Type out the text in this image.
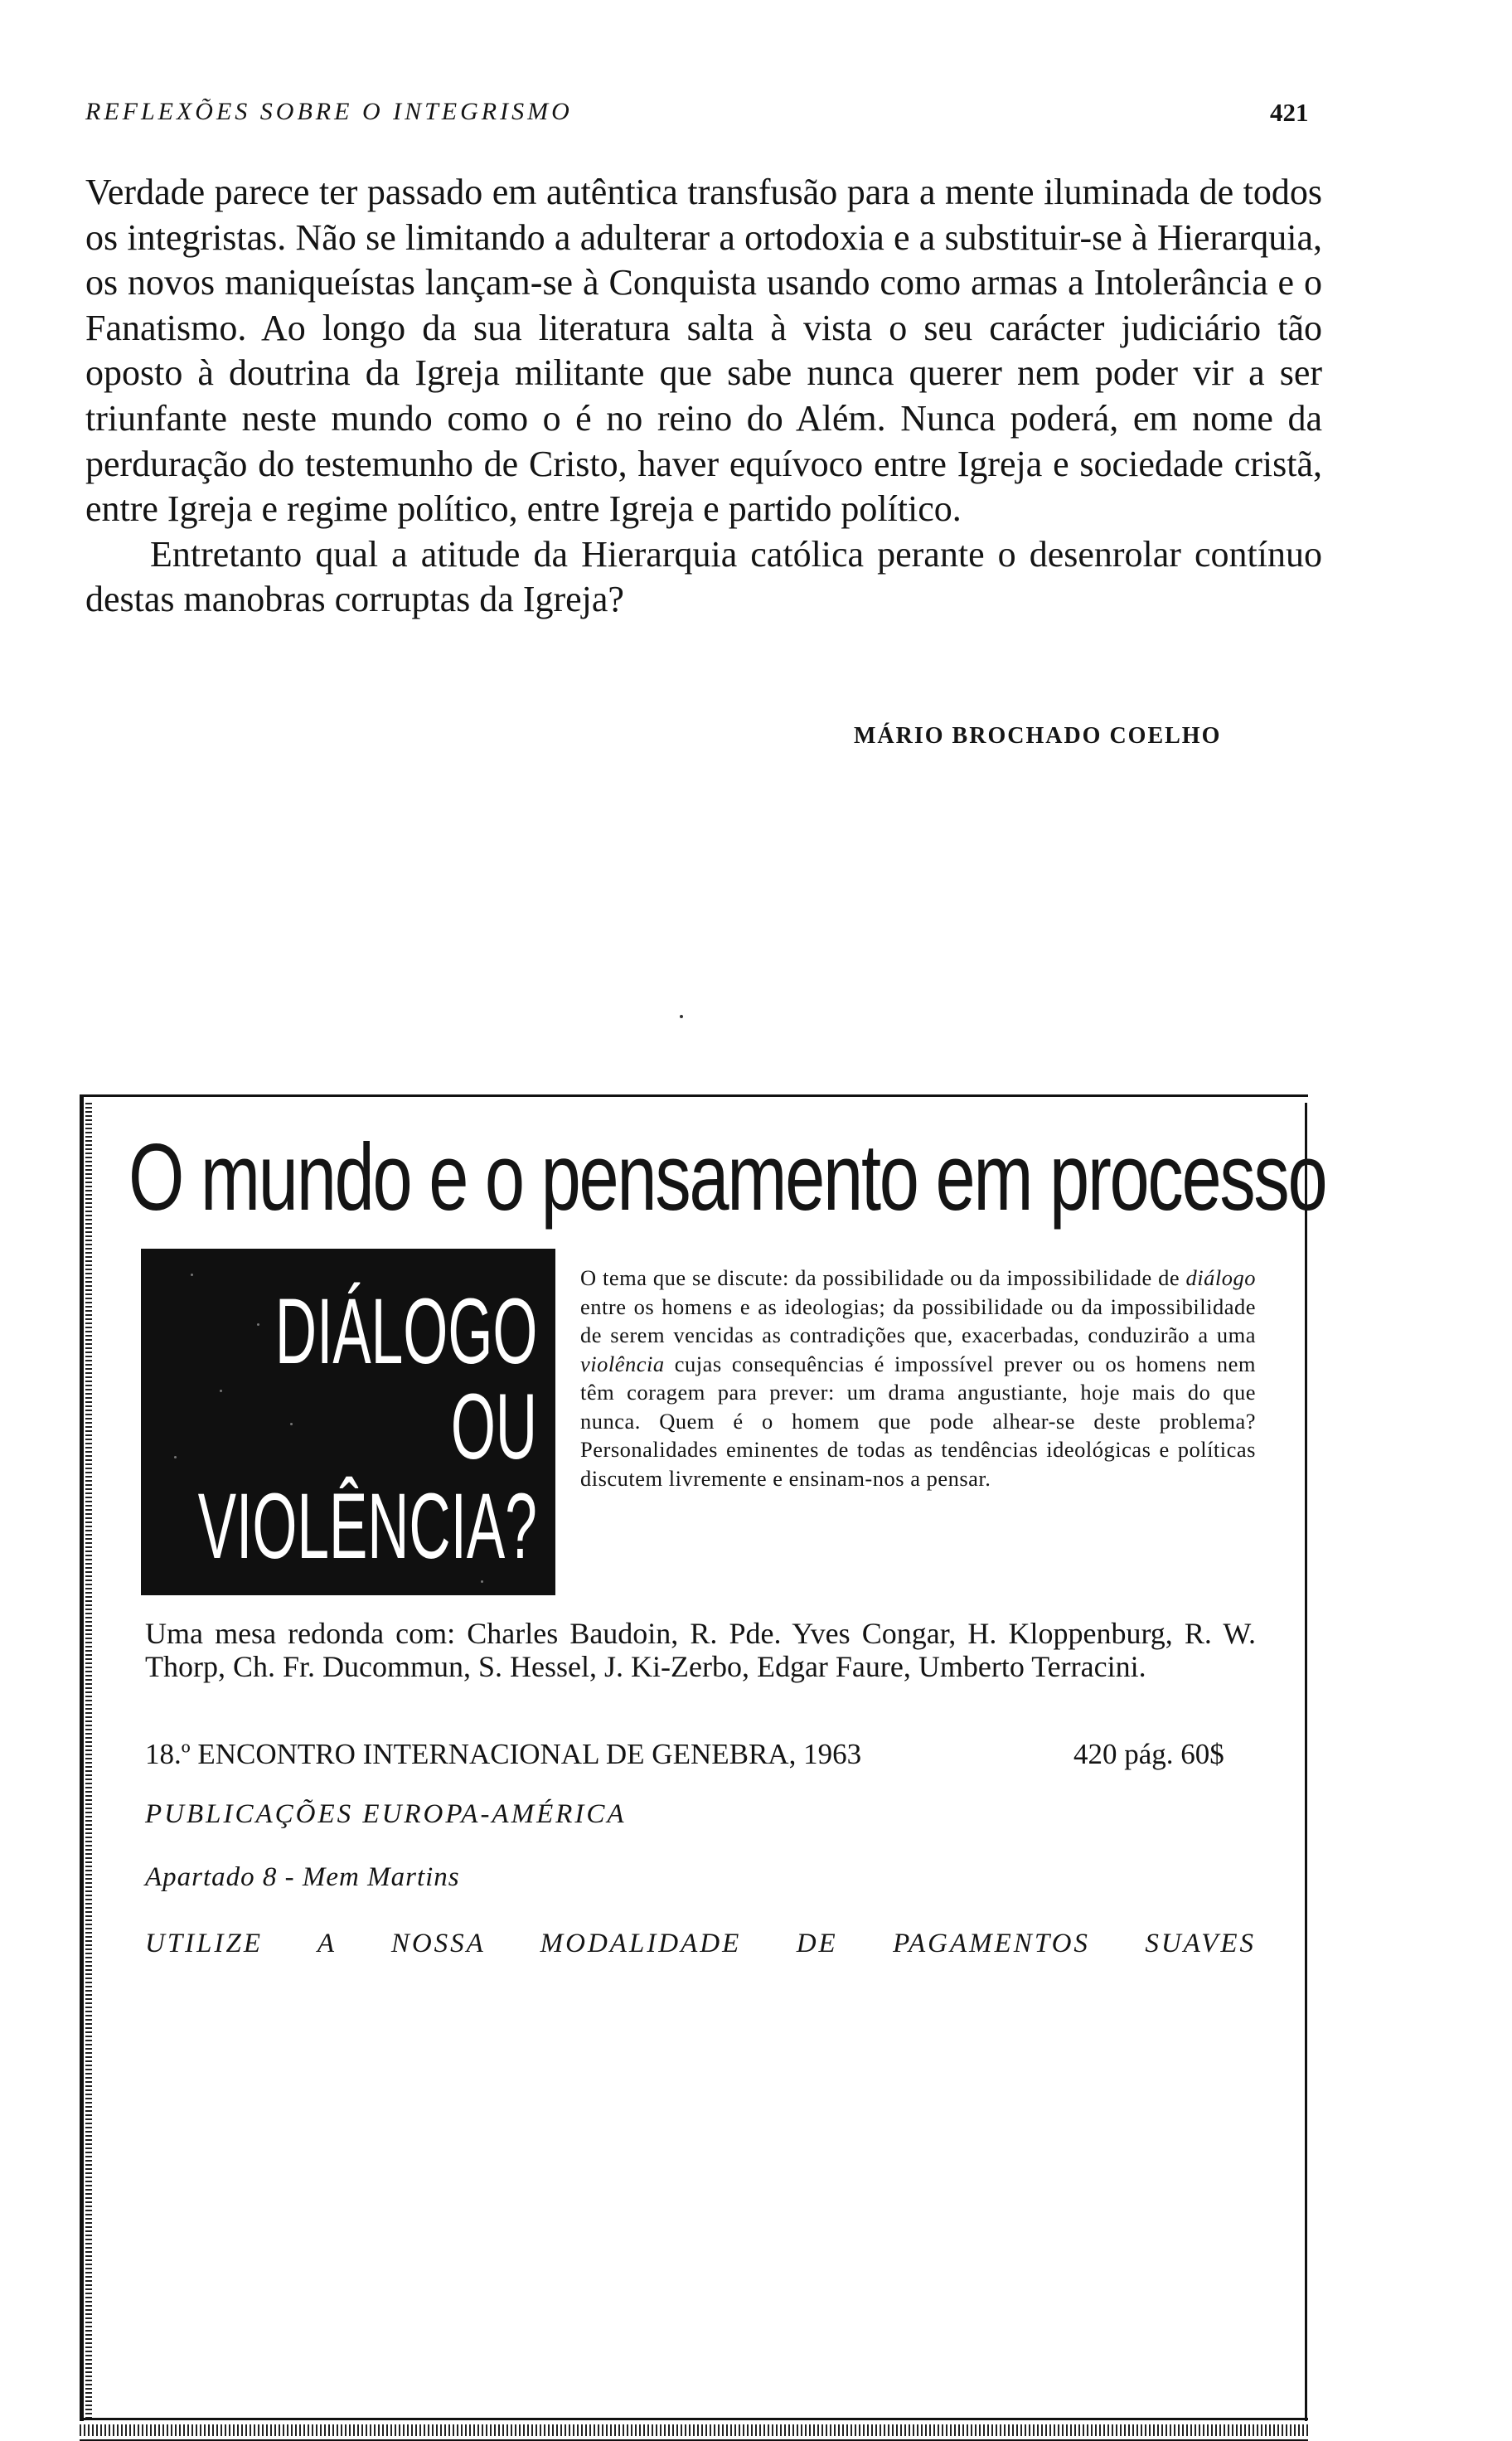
REFLEXÕES SOBRE O INTEGRISMO	421

Verdade parece ter passado em autêntica transfusão para a mente iluminada de todos os integristas. Não se limitando a adulterar a ortodoxia e a substituir-se à Hierarquia, os novos maniqueístas lançam-se à Conquista usando como armas a Intolerância e o Fanatismo. Ao longo da sua literatura salta à vista o seu carácter judiciário tão oposto à doutrina da Igreja militante que sabe nunca querer nem poder vir a ser triunfante neste mundo como o é no reino do Além. Nunca poderá, em nome da perduração do testemunho de Cristo, haver equívoco entre Igreja e sociedade cristã, entre Igreja e regime político, entre Igreja e partido político.

Entretanto qual a atitude da Hierarquia católica perante o desenrolar contínuo destas manobras corruptas da Igreja?

MÁRIO BROCHADO COELHO
O mundo e o pensamento em processo
DIÁLOGO
OU
VIOLÊNCIA?
O tema que se discute: da possibilidade ou da impossibilidade de diálogo entre os homens e as ideologias; da possibilidade ou da impossibilidade de serem vencidas as contradições que, exacerbadas, conduzirão a uma violência cujas consequências é impossível prever ou os homens nem têm coragem para prever: um drama angustiante, hoje mais do que nunca. Quem é o homem que pode alhear-se deste problema? Personalidades eminentes de todas as tendências ideológicas e políticas discutem livremente e ensinam-nos a pensar.
Uma mesa redonda com: Charles Baudoin, R. Pde. Yves Congar, H. Kloppenburg, R. W. Thorp, Ch. Fr. Ducommun, S. Hessel, J. Ki-Zerbo, Edgar Faure, Umberto Terracini.
18.º ENCONTRO INTERNACIONAL DE GENEBRA, 1963	420 pág. 60$
PUBLICAÇÕES EUROPA-AMÉRICA
Apartado 8 - Mem Martins
UTILIZE A NOSSA MODALIDADE DE PAGAMENTOS SUAVES
